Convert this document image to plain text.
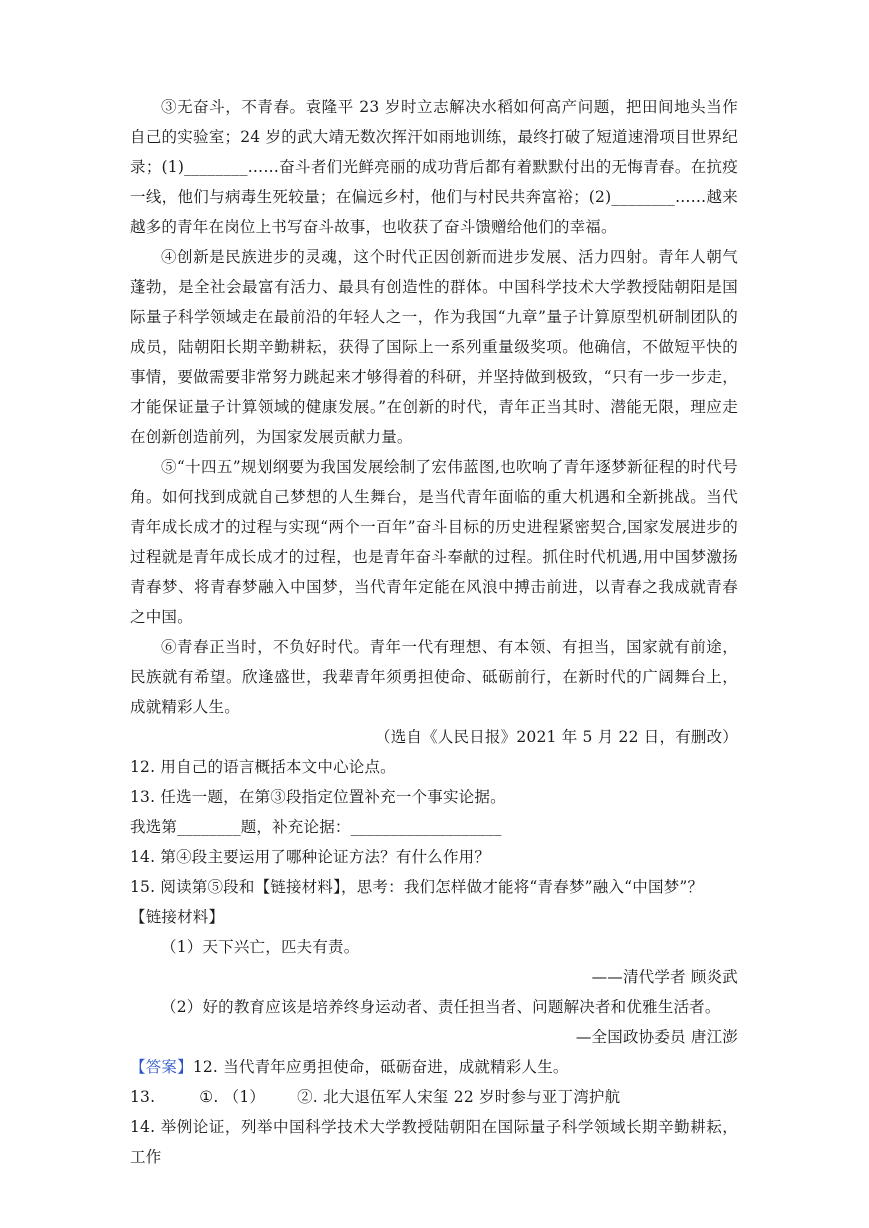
③无奋斗，不青春。袁隆平 23 岁时立志解决水稻如何高产问题，把田间地头当作自己的实验室；24 岁的武大靖无数次挥汗如雨地训练，最终打破了短道速滑项目世界纪录；(1)________……奋斗者们光鲜亮丽的成功背后都有着默默付出的无悔青春。在抗疫一线，他们与病毒生死较量；在偏远乡村，他们与村民共奔富裕；(2)________……越来越多的青年在岗位上书写奋斗故事，也收获了奋斗馈赠给他们的幸福。

④创新是民族进步的灵魂，这个时代正因创新而进步发展、活力四射。青年人朝气蓬勃，是全社会最富有活力、最具有创造性的群体。中国科学技术大学教授陆朝阳是国际量子科学领域走在最前沿的年轻人之一，作为我国“九章”量子计算原型机研制团队的成员，陆朝阳长期辛勤耕耘，获得了国际上一系列重量级奖项。他确信，不做短平快的事情，要做需要非常努力跳起来才够得着的科研，并坚持做到极致，“只有一步一步走，才能保证量子计算领域的健康发展。”在创新的时代，青年正当其时、潜能无限，理应走在创新创造前列，为国家发展贡献力量。

⑤“十四五”规划纲要为我国发展绘制了宏伟蓝图,也吹响了青年逐梦新征程的时代号角。如何找到成就自己梦想的人生舞台，是当代青年面临的重大机遇和全新挑战。当代青年成长成才的过程与实现“两个一百年”奋斗目标的历史进程紧密契合,国家发展进步的过程就是青年成长成才的过程，也是青年奋斗奉献的过程。抓住时代机遇,用中国梦激扬青春梦、将青春梦融入中国梦，当代青年定能在风浪中搏击前进，以青春之我成就青春之中国。

⑥青春正当时，不负好时代。青年一代有理想、有本领、有担当，国家就有前途，民族就有希望。欣逢盛世，我辈青年须勇担使命、砥砺前行，在新时代的广阔舞台上，成就精彩人生。

（选自《人民日报》2021 年 5 月 22 日，有删改）

12. 用自己的语言概括本文中心论点。

13. 任选一题，在第③段指定位置补充一个事实论据。

我选第________题，补充论据：___________________

14. 第④段主要运用了哪种论证方法？有什么作用？

15. 阅读第⑤段和【链接材料】，思考：我们怎样做才能将“青春梦”融入“中国梦”？

【链接材料】

（1）天下兴亡，匹夫有责。

——清代学者 顾炎武

（2）好的教育应该是培养终身运动者、责任担当者、问题解决者和优雅生活者。

—全国政协委员 唐江澎

【答案】12. 当代青年应勇担使命，砥砺奋进，成就精彩人生。

13.	①. （1） ②. 北大退伍军人宋玺 22 岁时参与亚丁湾护航

14. 举例论证，列举中国科学技术大学教授陆朝阳在国际量子科学领域长期辛勤耕耘，工作
